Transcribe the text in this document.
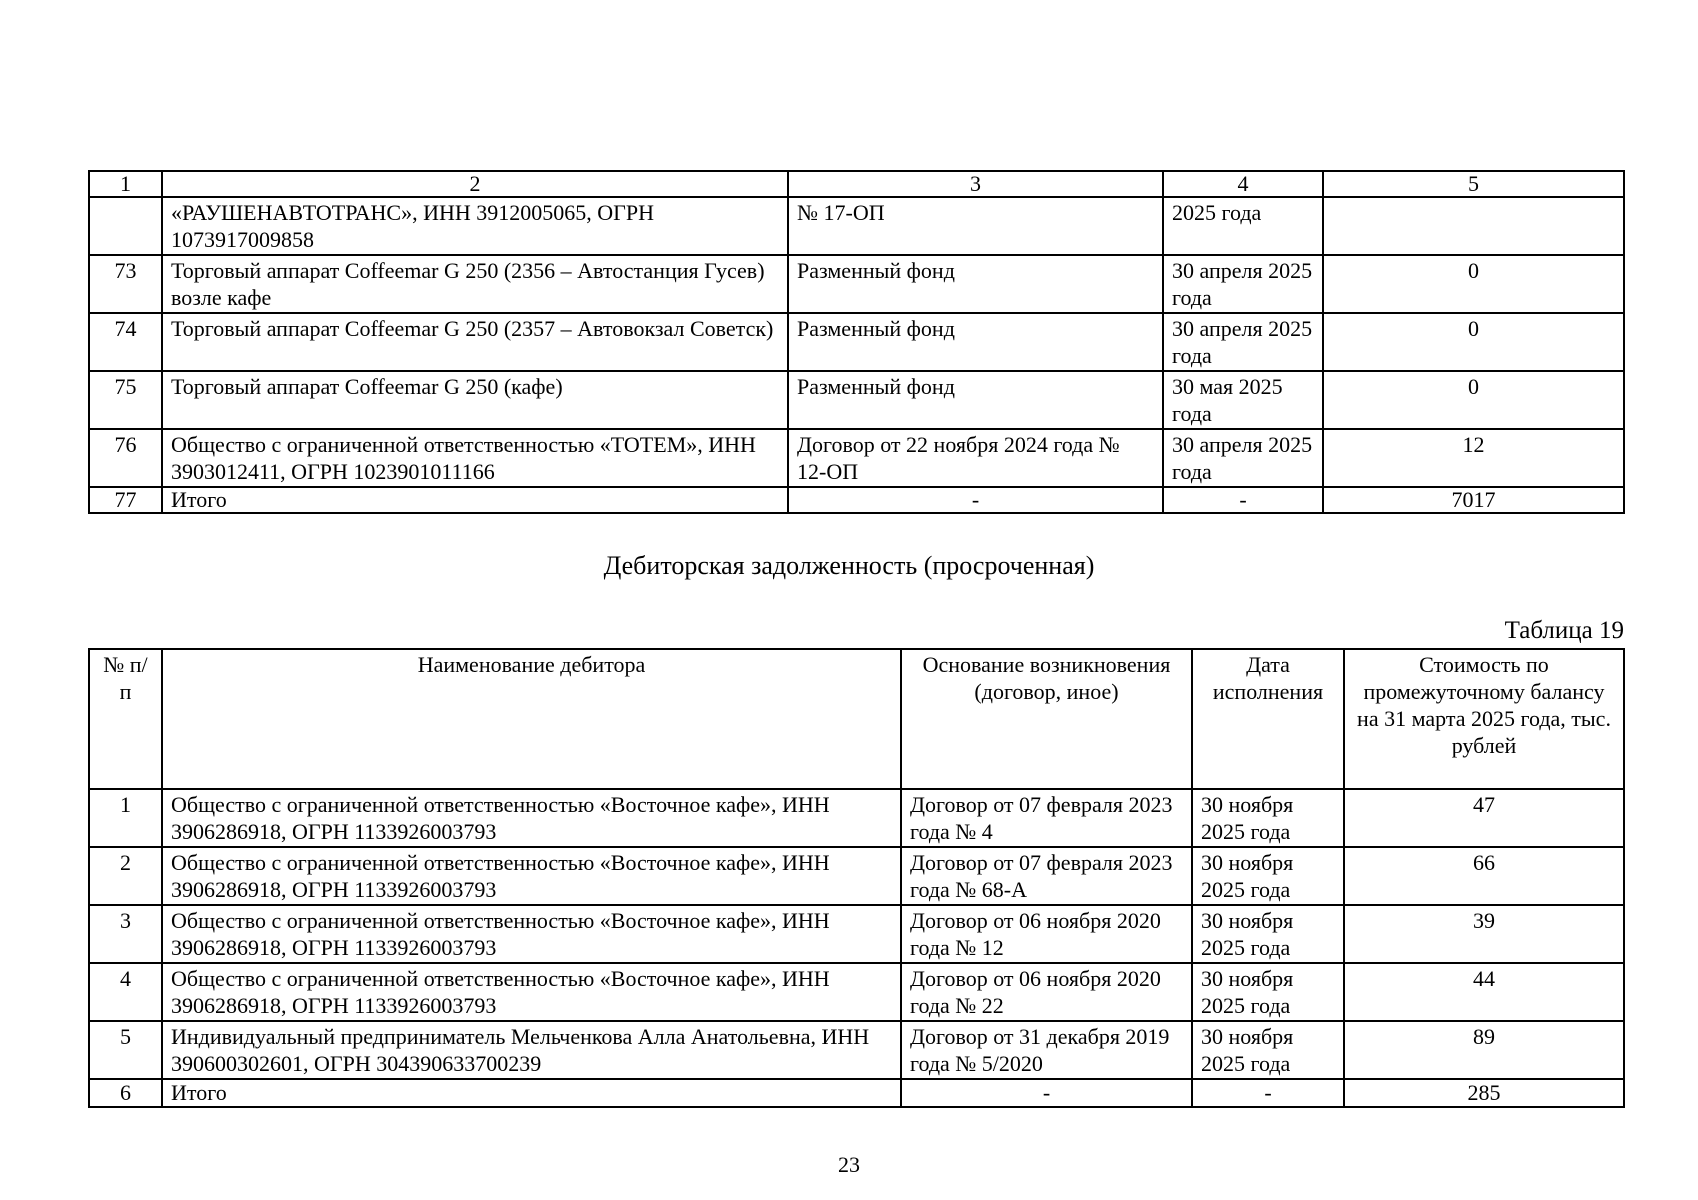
1	2	3	4	5
	«РАУШЕНАВТОТРАНС», ИНН 3912005065, ОГРН 1073917009858	№ 17-ОП	2025 года	
73	Торговый аппарат Coffeemar G 250 (2356 – Автостанция Гусев) возле кафе	Разменный фонд	30 апреля 2025 года	0
74	Торговый аппарат Coffeemar G 250 (2357 – Автовокзал Советск)	Разменный фонд	30 апреля 2025 года	0
75	Торговый аппарат Coffeemar G 250 (кафе)	Разменный фонд	30 мая 2025 года	0
76	Общество с ограниченной ответственностью «ТОТЕМ», ИНН 3903012411, ОГРН 1023901011166	Договор от 22 ноября 2024 года № 12-ОП	30 апреля 2025 года	12
77	Итого	-	-	7017
Дебиторская задолженность (просроченная)
Таблица 19
№ п/п	Наименование дебитора	Основание возникновения (договор, иное)	Дата исполнения	Стоимость по промежуточному балансу на 31 марта 2025 года, тыс. рублей
1	Общество с ограниченной ответственностью «Восточное кафе», ИНН 3906286918, ОГРН 1133926003793	Договор от 07 февраля 2023 года № 4	30 ноября 2025 года	47
2	Общество с ограниченной ответственностью «Восточное кафе», ИНН 3906286918, ОГРН 1133926003793	Договор от 07 февраля 2023 года № 68-А	30 ноября 2025 года	66
3	Общество с ограниченной ответственностью «Восточное кафе», ИНН 3906286918, ОГРН 1133926003793	Договор от 06 ноября 2020 года № 12	30 ноября 2025 года	39
4	Общество с ограниченной ответственностью «Восточное кафе», ИНН 3906286918, ОГРН 1133926003793	Договор от 06 ноября 2020 года № 22	30 ноября 2025 года	44
5	Индивидуальный предприниматель Мельченкова Алла Анатольевна, ИНН 390600302601, ОГРН 304390633700239	Договор от 31 декабря 2019 года № 5/2020	30 ноября 2025 года	89
6	Итого	-	-	285
23
